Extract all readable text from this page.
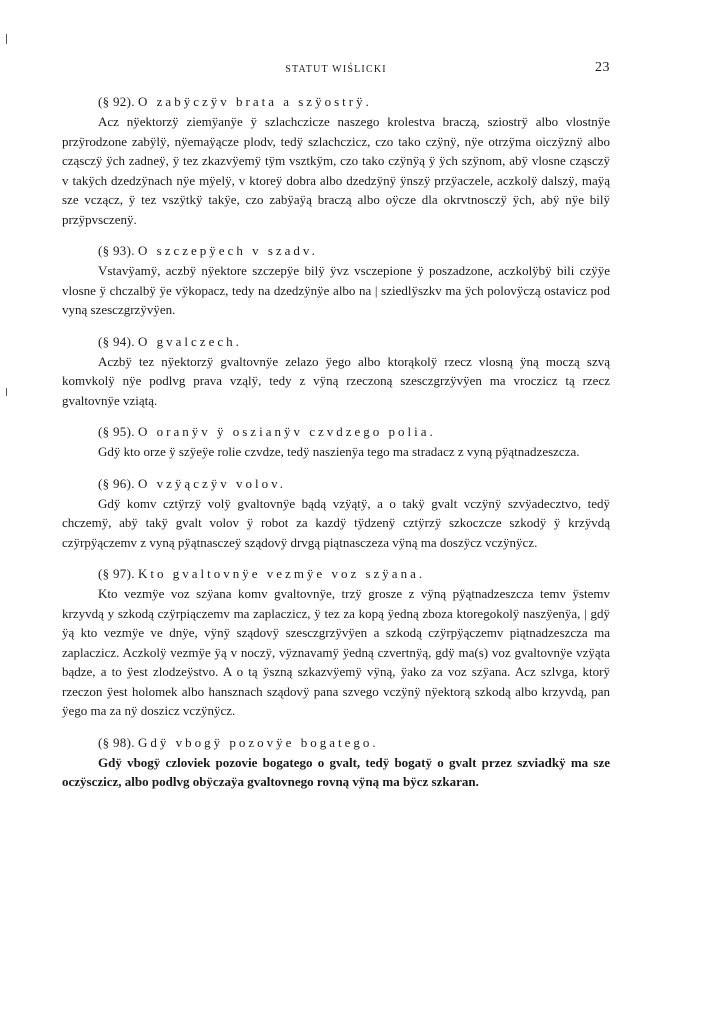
STATUT WIŚLICKI	23

(§ 92). O zabÿczÿv brata a szÿostrÿ.

Acz nÿektorzÿ ziemÿanÿe ÿ szlachczicze naszego krolestva braczą, sziostrÿ albo vlostnÿe przÿrodzone zabÿlÿ, nÿemaÿącze plodv, tedÿ szlachczicz, czo tako czÿnÿ, nÿe otrzÿma oiczÿznÿ albo cząsczÿ ÿch zadneÿ, ÿ tez zkazvÿemÿ tÿm vsztkÿm, czo tako czÿnÿą ÿ ÿch szÿnom, abÿ vlosne cząsczÿ v takÿch dzedzÿnach nÿe mÿelÿ, v ktoreÿ dobra albo dzedzÿnÿ ÿnszÿ przÿaczele, aczkolÿ dalszÿ, maÿą sze vcząсz, ÿ tez vszÿtkÿ takÿe, czo zabÿaÿą braczą albo oÿcze dla okrvtnosczÿ ÿch, abÿ nÿe bilÿ przÿpvsczenÿ.

(§ 93). O szczepÿech v szadv.

Vstavÿamÿ, aczbÿ nÿektore szczepÿe bilÿ ÿvz vsczepione ÿ poszadzone, aczkolÿbÿ bili czÿÿe vlosne ÿ chczalbÿ ÿe vÿkopacz, tedy na dzedzÿnÿe albo na | sziedlÿszkv ma ÿch polovÿczą ostavicz pod vyną szesczgrzÿvÿen.

(§ 94). O gvalczech.

Aczbÿ tez nÿektorzÿ gvaltovnÿe zelazo ÿego albo ktorąkolÿ rzecz vlosną ÿną moczą szvą komvkolÿ nÿe podlvg prava vząlÿ, tedy z vÿną rzeczoną szesczgrzÿvÿen ma vroczicz tą rzecz gvaltovnÿe vziątą.

(§ 95). O oranÿv ÿ oszianÿv czvdzego polia.

Gdÿ kto orze ÿ szÿeÿe rolie czvdze, tedÿ naszienÿa tego ma stradacz z vyną pÿątnadzeszcza.

(§ 96). O vzÿączÿv volov.

Gdÿ komv cztÿrzÿ volÿ gvaltovnÿe bądą vzÿątÿ, a o takÿ gvalt vczÿnÿ szvÿadecztvo, tedÿ chczemÿ, abÿ takÿ gvalt volov ÿ robot za kazdÿ tÿdzenÿ cztÿrzÿ szkoczcze szkodÿ ÿ krzÿvdą czÿrpÿączemv z vyną pÿątnasczeÿ sządovÿ drvgą piątnasczeza vÿną ma doszÿcz vczÿnÿcz.

(§ 97). Kto gvaltovnÿe vezmÿe voz szÿana.

Kto vezmÿe voz szÿana komv gvaltovnÿe, trzÿ grosze z vÿną pÿątnadzeszcza temv ÿstemv krzyvdą y szkodą czÿrpiączemv ma zaplaczicz, ÿ tez za kopą ÿedną zboza ktoregokolÿ naszÿenÿa, | gdÿ ÿą kto vezmÿe ve dnÿe, vÿnÿ sządovÿ szesczgrzÿvÿen a szkodą czÿrpÿączemv piątnadzeszcza ma zaplaczicz. Aczkolÿ vezmÿe ÿą v noczÿ, vÿznavamÿ ÿedną czvertnÿą, gdÿ ma(s) voz gvaltovnÿe vzÿąta bądze, a to ÿest zlodzeÿstvo. A o tą ÿszną szkazvÿemÿ vÿną, ÿako za voz szÿana. Acz szlvga, ktorÿ rzeczon ÿest holomek albo hansznach sządovÿ pana szvego vczÿnÿ nÿektorą szkodą albo krzyvdą, pan ÿego ma za nÿ doszicz vczÿnÿcz.

(§ 98). Gdÿ vbogÿ pozovÿe bogatego.

Gdÿ vbogÿ czloviek pozovie bogatego o gvalt, tedÿ bogatÿ o gvalt przez szviadkÿ ma sze oczÿsczicz, albo podlvg obÿczaÿa gvaltovnego rovną vÿną ma bÿcz szkaran.
